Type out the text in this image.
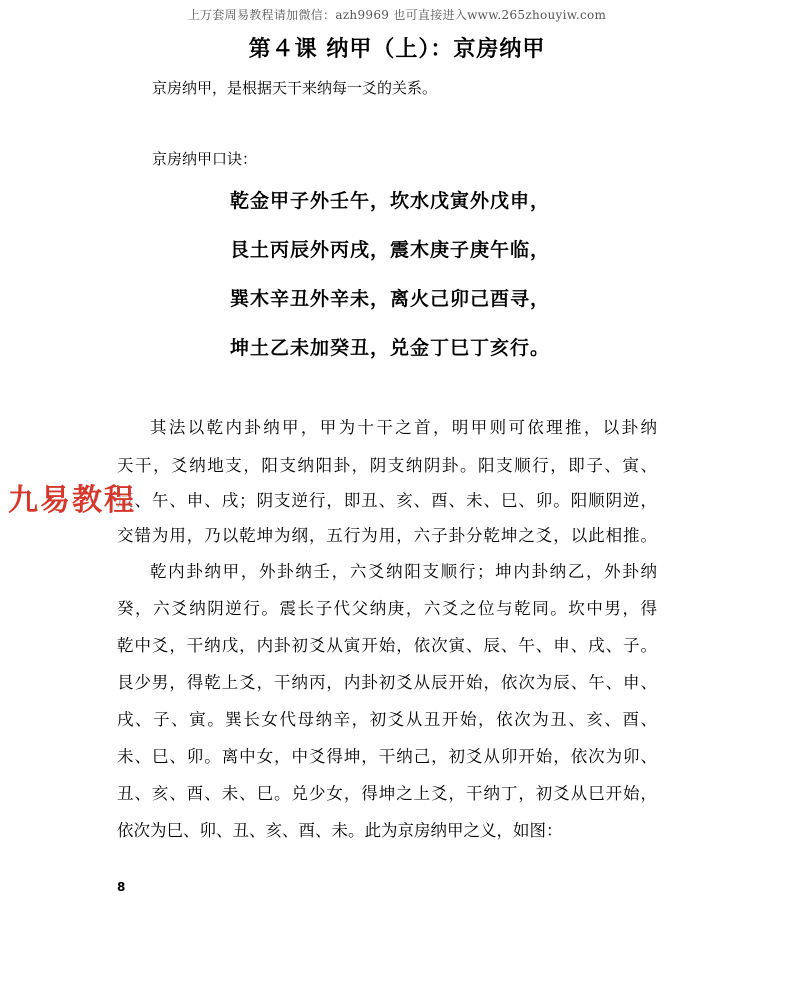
上万套周易教程请加微信：azh9969 也可直接进入www.265zhouyiw.com
第４课 纳甲（上）：京房纳甲
京房纳甲，是根据天干来纳每一爻的关系。
京房纳甲口诀：
乾金甲子外壬午，坎水戊寅外戊申，
艮土丙辰外丙戌，震木庚子庚午临，
巽木辛丑外辛未，离火己卯己酉寻，
坤土乙未加癸丑，兑金丁巳丁亥行。
其法以乾内卦纳甲，甲为十干之首，明甲则可依理推，以卦纳
天干，爻纳地支，阳支纳阳卦，阴支纳阴卦。阳支顺行，即子、寅、
辰、午、申、戌；阴支逆行，即丑、亥、酉、未、巳、卯。阳顺阴逆，
交错为用，乃以乾坤为纲，五行为用，六子卦分乾坤之爻，以此相推。
乾内卦纳甲，外卦纳壬，六爻纳阳支顺行；坤内卦纳乙，外卦纳
癸，六爻纳阴逆行。震长子代父纳庚，六爻之位与乾同。坎中男，得
乾中爻，干纳戊，内卦初爻从寅开始，依次寅、辰、午、申、戌、子。
艮少男，得乾上爻，干纳丙，内卦初爻从辰开始，依次为辰、午、申、
戌、子、寅。巽长女代母纳辛，初爻从丑开始，依次为丑、亥、酉、
未、巳、卯。离中女，中爻得坤，干纳己，初爻从卯开始，依次为卯、
丑、亥、酉、未、巳。兑少女，得坤之上爻，干纳丁，初爻从巳开始，
依次为巳、卯、丑、亥、酉、未。此为京房纳甲之义，如图：
九易教程
8
